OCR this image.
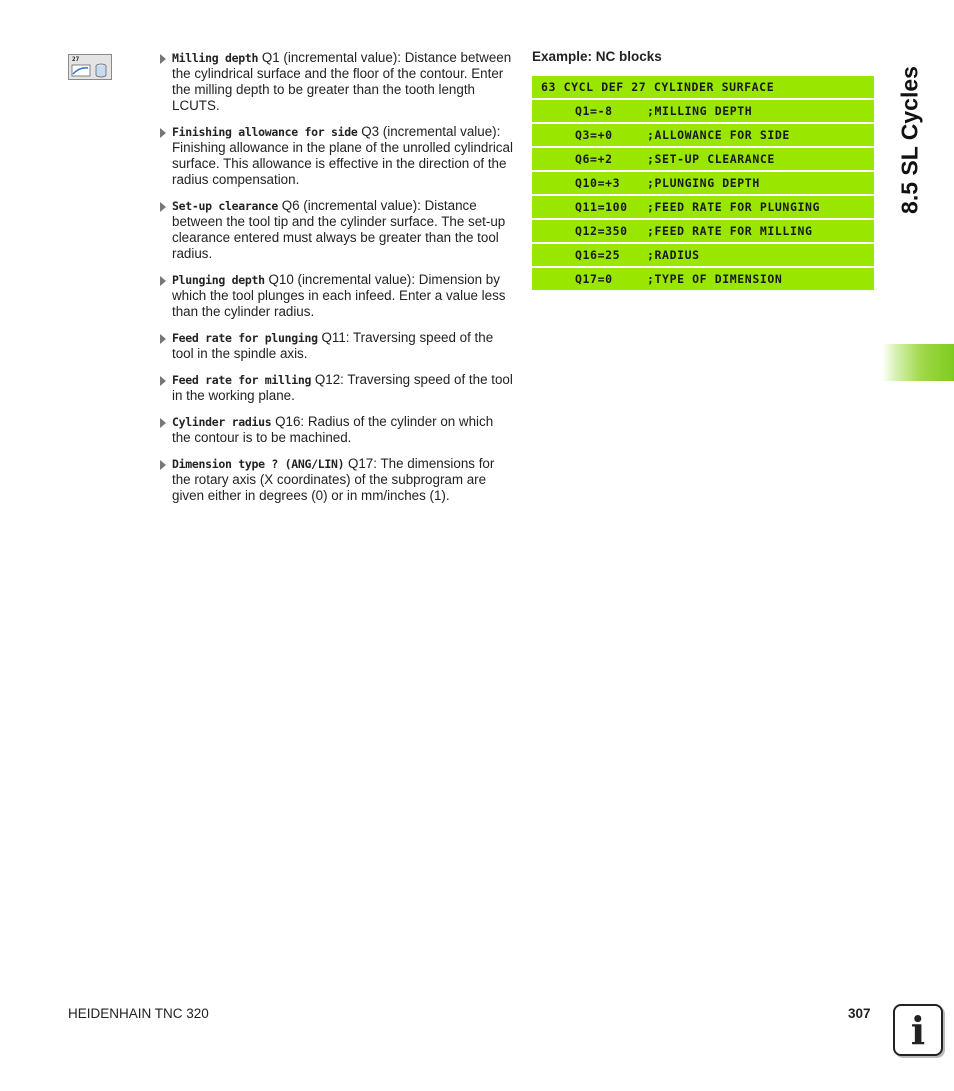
27	Milling depth Q1 (incremental value): Distance between the cylindrical surface and the floor of the contour. Enter the milling depth to be greater than the tooth length LCUTS.
Finishing allowance for side Q3 (incremental value): Finishing allowance in the plane of the unrolled cylindrical surface. This allowance is effective in the direction of the radius compensation.
Set-up clearance Q6 (incremental value): Distance between the tool tip and the cylinder surface. The set-up clearance entered must always be greater than the tool radius.
Plunging depth Q10 (incremental value): Dimension by which the tool plunges in each infeed. Enter a value less than the cylinder radius.
Feed rate for plunging Q11: Traversing speed of the tool in the spindle axis.
Feed rate for milling Q12: Traversing speed of the tool in the working plane.
Cylinder radius Q16: Radius of the cylinder on which the contour is to be machined.
Dimension type ? (ANG/LIN) Q17: The dimensions for the rotary axis (X coordinates) of the subprogram are given either in degrees (0) or in mm/inches (1).
Example: NC blocks
63 CYCL DEF 27 CYLINDER SURFACE
Q1=-8	;MILLING DEPTH
Q3=+0	;ALLOWANCE FOR SIDE
Q6=+2	;SET-UP CLEARANCE
Q10=+3 ;PLUNGING DEPTH
Q11=100 ;FEED RATE FOR PLUNGING
Q12=350 ;FEED RATE FOR MILLING
Q16=25 ;RADIUS
Q17=0	;TYPE OF DIMENSION
8.5 SL Cycles
HEIDENHAIN TNC 320	307	i
